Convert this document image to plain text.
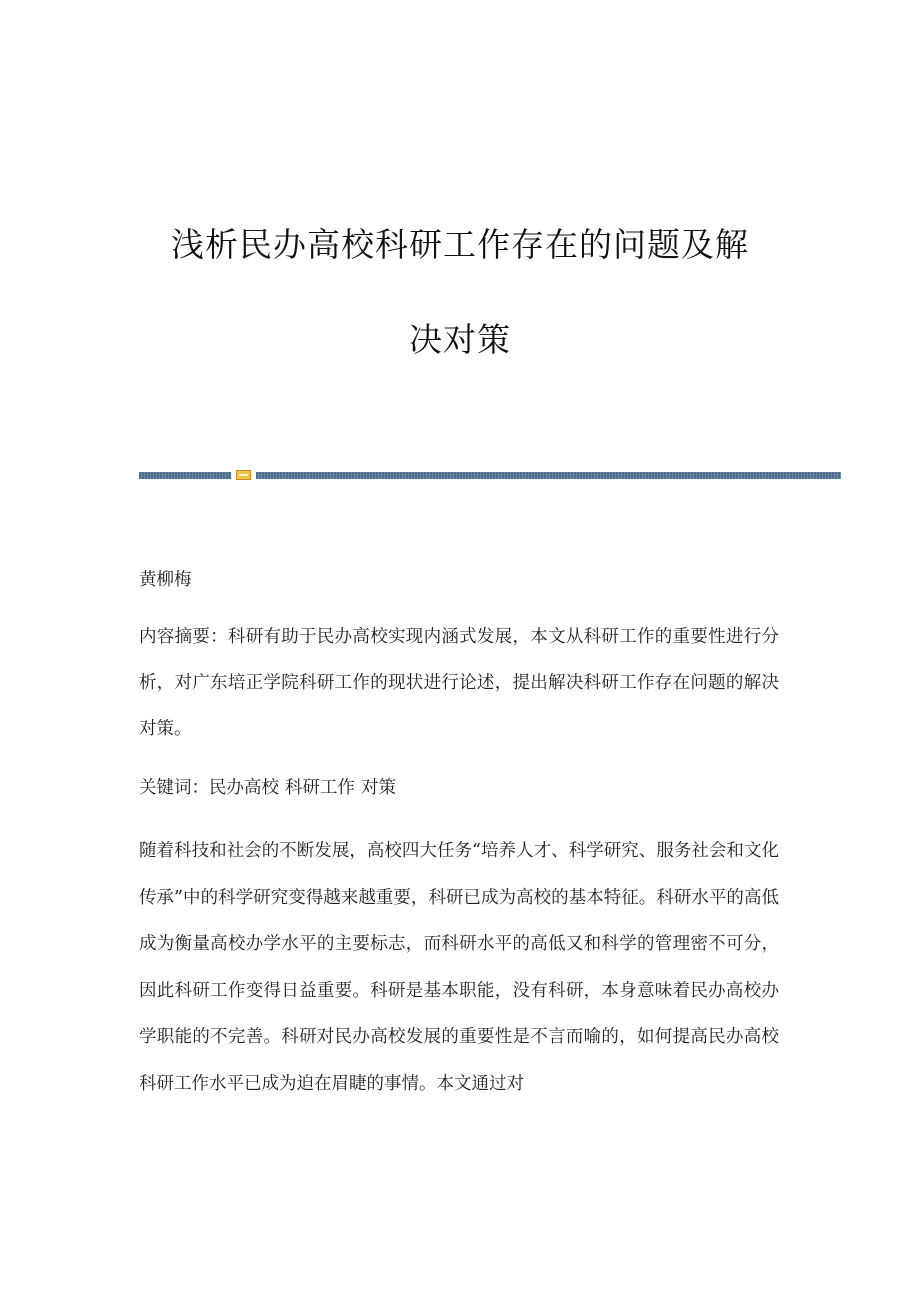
浅析民办高校科研工作存在的问题及解
决对策
黄柳梅
内容摘要：科研有助于民办高校实现内涵式发展，本文从科研工作的重要性进行分析，对广东培正学院科研工作的现状进行论述，提出解决科研工作存在问题的解决对策。
关键词：民办高校 科研工作 对策
随着科技和社会的不断发展，高校四大任务“培养人才、科学研究、服务社会和文化传承”中的科学研究变得越来越重要，科研已成为高校的基本特征。科研水平的高低成为衡量高校办学水平的主要标志，而科研水平的高低又和科学的管理密不可分，因此科研工作变得日益重要。科研是基本职能，没有科研，本身意味着民办高校办学职能的不完善。科研对民办高校发展的重要性是不言而喻的，如何提高民办高校科研工作水平已成为迫在眉睫的事情。本文通过对
